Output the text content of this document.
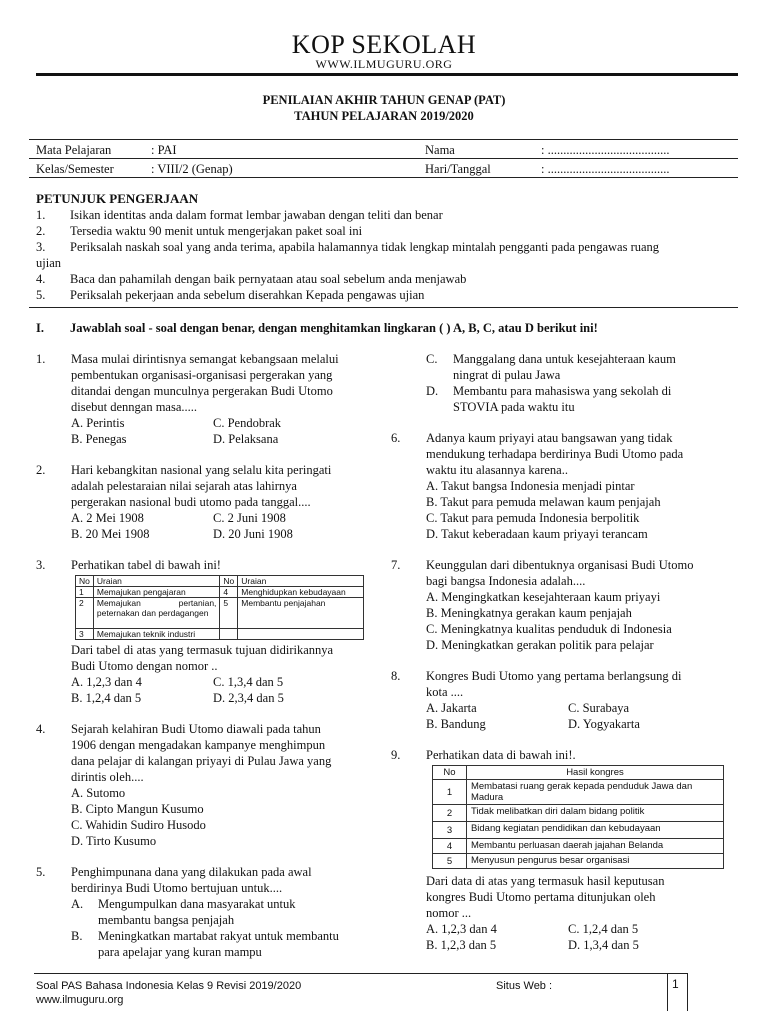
KOP SEKOLAH
WWW.ILMUGURU.ORG
PENILAIAN AKHIR TAHUN GENAP (PAT)
TAHUN PELAJARAN 2019/2020
Mata Pelajaran	: PAI	Nama	: .......................................
Kelas/Semester	: VIII/2 (Genap)	Hari/Tanggal	: .......................................
PETUNJUK PENGERJAAN
1. Isikan identitas anda dalam format lembar jawaban dengan teliti dan benar
2. Tersedia waktu 90 menit untuk mengerjakan paket soal ini
3. Periksalah naskah soal yang anda terima, apabila halamannya tidak lengkap mintalah pengganti pada pengawas ruang
ujian
4. Baca dan pahamilah dengan baik pernyataan atau soal sebelum anda menjawab
5. Periksalah pekerjaan anda sebelum diserahkan Kepada pengawas ujian
I. Jawablah soal - soal dengan benar, dengan menghitamkan lingkaran ( ) A, B, C, atau D berikut ini!
1. Masa mulai dirintisnya semangat kebangsaan melalui
pembentukan organisasi-organisasi pergerakan yang
ditandai dengan munculnya pergerakan Budi Utomo
disebut denngan masa.....
A. Perintis	C. Pendobrak
B. Penegas	D. Pelaksana
2. Hari kebangkitan nasional yang selalu kita peringati
adalah pelestaraian nilai sejarah atas lahirnya
pergerakan nasional budi utomo pada tanggal....
A. 2 Mei 1908	C. 2 Juni 1908
B. 20 Mei 1908	D. 20 Juni 1908
3. Perhatikan tabel di bawah ini!
No	Uraian	No	Uraian
1	Memajukan pengajaran	4	Menghidupkan kebudayaan
2	Memajukan pertanian, peternakan dan perdagangen	5	Membantu penjajahan
3	Memajukan teknik industri		
Dari tabel di atas yang termasuk tujuan didirikannya
Budi Utomo dengan nomor ..
A. 1,2,3 dan 4	C. 1,3,4 dan 5
B. 1,2,4 dan 5	D. 2,3,4 dan 5
4. Sejarah kelahiran Budi Utomo diawali pada tahun
1906 dengan mengadakan kampanye menghimpun
dana pelajar di kalangan priyayi di Pulau Jawa yang
dirintis oleh....
A. Sutomo
B. Cipto Mangun Kusumo
C. Wahidin Sudiro Husodo
D. Tirto Kusumo
5. Penghimpunana dana yang dilakukan pada awal
berdirinya Budi Utomo bertujuan untuk....
A. Mengumpulkan dana masyarakat untuk
membantu bangsa penjajah
B. Meningkatkan martabat rakyat untuk membantu
para apelajar yang kuran mampu
C. Manggalang dana untuk kesejahteraan kaum
ningrat di pulau Jawa
D. Membantu para mahasiswa yang sekolah di
STOVIA pada waktu itu
6. Adanya kaum priyayi atau bangsawan yang tidak
mendukung terhadapa berdirinya Budi Utomo pada
waktu itu alasannya karena..
A. Takut bangsa Indonesia menjadi pintar
B. Takut para pemuda melawan kaum penjajah
C. Takut para pemuda Indonesia berpolitik
D. Takut keberadaan kaum priyayi terancam
7. Keunggulan dari dibentuknya organisasi Budi Utomo
bagi bangsa Indonesia adalah....
A. Mengingkatkan kesejahteraan kaum priyayi
B. Meningkatnya gerakan kaum penjajah
C. Meningkatnya kualitas penduduk di Indonesia
D. Meningkatkan gerakan politik para pelajar
8. Kongres Budi Utomo yang pertama berlangsung di
kota ....
A. Jakarta	C. Surabaya
B. Bandung	D. Yogyakarta
9. Perhatikan data di bawah ini!.
No	Hasil kongres
1	Membatasi ruang gerak kepada penduduk Jawa dan Madura
2	Tidak melibatkan diri dalam bidang politik
3	Bidang kegiatan pendidikan dan kebudayaan
4	Membantu perluasan daerah jajahan Belanda
5	Menyusun pengurus besar organisasi
Dari data di atas yang termasuk hasil keputusan
kongres Budi Utomo pertama ditunjukan oleh
nomor ...
A. 1,2,3 dan 4	C. 1,2,4 dan 5
B. 1,2,3 dan 5	D. 1,3,4 dan 5
Soal PAS Bahasa Indonesia Kelas 9 Revisi 2019/2020	Situs Web :
www.ilmuguru.org
1
